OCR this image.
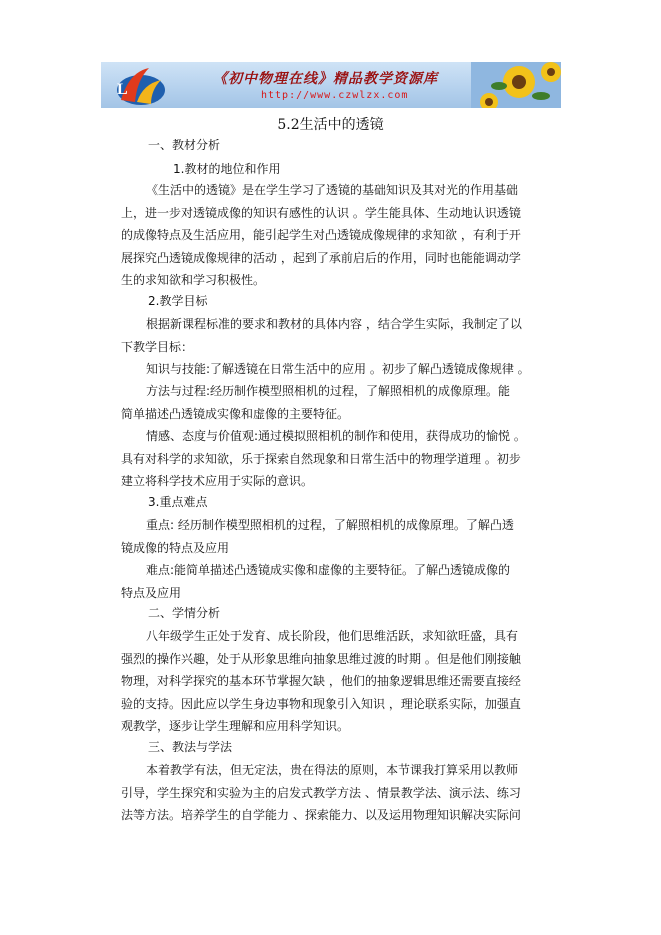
L
《初中物理在线》精品教学资源库
http://www.czwlzx.com
5.2生活中的透镜
一、教材分析
1.教材的地位和作用
《生活中的透镜》是在学生学习了透镜的基础知识及其对光的作用基础
上，进一步对透镜成像的知识有感性的认识 。学生能具体、生动地认识透镜
的成像特点及生活应用，能引起学生对凸透镜成像规律的求知欲 ，有利于开
展探究凸透镜成像规律的活动 ，起到了承前启后的作用，同时也能能调动学
生的求知欲和学习积极性。
2.教学目标
根据新课程标准的要求和教材的具体内容 ，结合学生实际，我制定了以
下教学目标：
知识与技能:了解透镜在日常生活中的应用 。初步了解凸透镜成像规律 。
方法与过程:经历制作模型照相机的过程，了解照相机的成像原理。能
简单描述凸透镜成实像和虚像的主要特征。
情感、态度与价值观:通过模拟照相机的制作和使用，获得成功的愉悦 。
具有对科学的求知欲，乐于探索自然现象和日常生活中的物理学道理 。初步
建立将科学技术应用于实际的意识。
3.重点难点
重点: 经历制作模型照相机的过程，了解照相机的成像原理。了解凸透
镜成像的特点及应用
难点:能简单描述凸透镜成实像和虚像的主要特征。了解凸透镜成像的
特点及应用
二、学情分析
八年级学生正处于发育、成长阶段，他们思维活跃，求知欲旺盛，具有
强烈的操作兴趣，处于从形象思维向抽象思维过渡的时期 。但是他们刚接触
物理，对科学探究的基本环节掌握欠缺 ，他们的抽象逻辑思维还需要直接经
验的支持。因此应以学生身边事物和现象引入知识 ，理论联系实际，加强直
观教学，逐步让学生理解和应用科学知识。
三、教法与学法
本着教学有法，但无定法，贵在得法的原则，本节课我打算采用以教师
引导，学生探究和实验为主的启发式教学方法 、情景教学法、演示法、练习
法等方法。培养学生的自学能力 、探索能力、以及运用物理知识解决实际问
